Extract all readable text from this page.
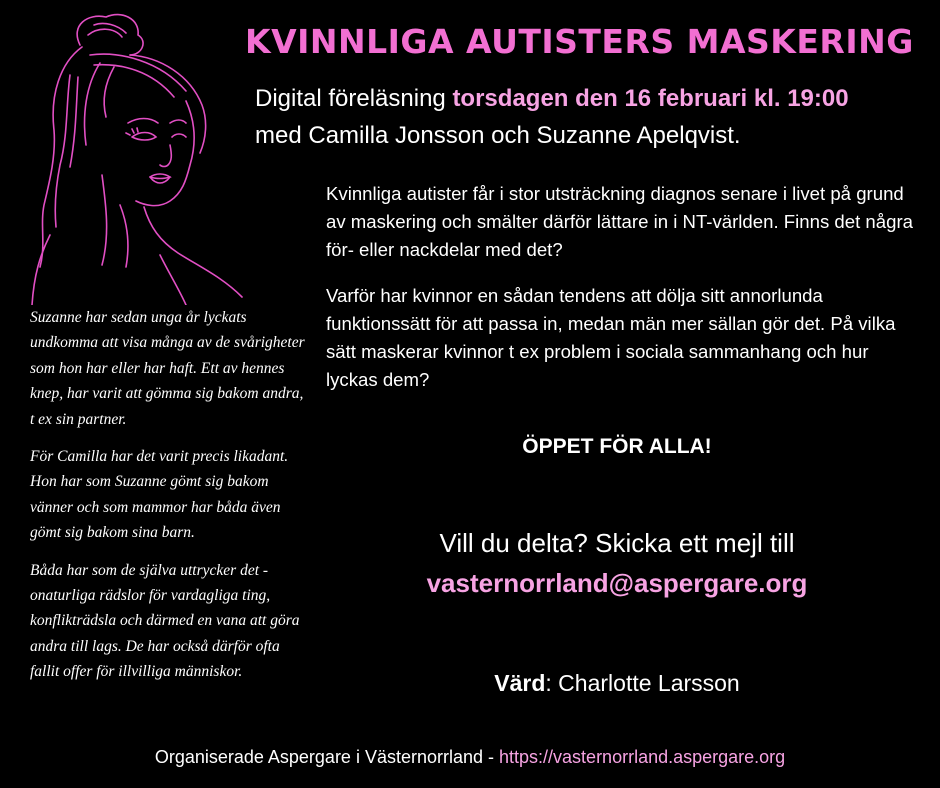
KVINNLIGA AUTISTERS MASKERING
Digital föreläsning torsdagen den 16 februari kl. 19:00
med Camilla Jonsson och Suzanne Apelqvist.

Kvinnliga autister får i stor utsträckning diagnos senare i livet på grund av maskering och smälter därför lättare in i NT-världen. Finns det några för- eller nackdelar med det?

Varför har kvinnor en sådan tendens att dölja sitt annorlunda funktionssätt för att passa in, medan män mer sällan gör det. På vilka sätt maskerar kvinnor t ex problem i sociala sammanhang och hur lyckas dem?

ÖPPET FÖR ALLA!
Vill du delta? Skicka ett mejl till
vasternorrland@aspergare.org
Värd: Charlotte Larsson

Suzanne har sedan unga år lyckats undkomma att visa många av de svårigheter som hon har eller har haft. Ett av hennes knep, har varit att gömma sig bakom andra, t ex sin partner.

För Camilla har det varit precis likadant. Hon har som Suzanne gömt sig bakom vänner och som mammor har båda även gömt sig bakom sina barn.

Båda har som de själva uttrycker det - onaturliga rädslor för vardagliga ting, konflikträdsla och därmed en vana att göra andra till lags. De har också därför ofta fallit offer för illvilliga människor.

Organiserade Aspergare i Västernorrland - https://vasternorrland.aspergare.org
